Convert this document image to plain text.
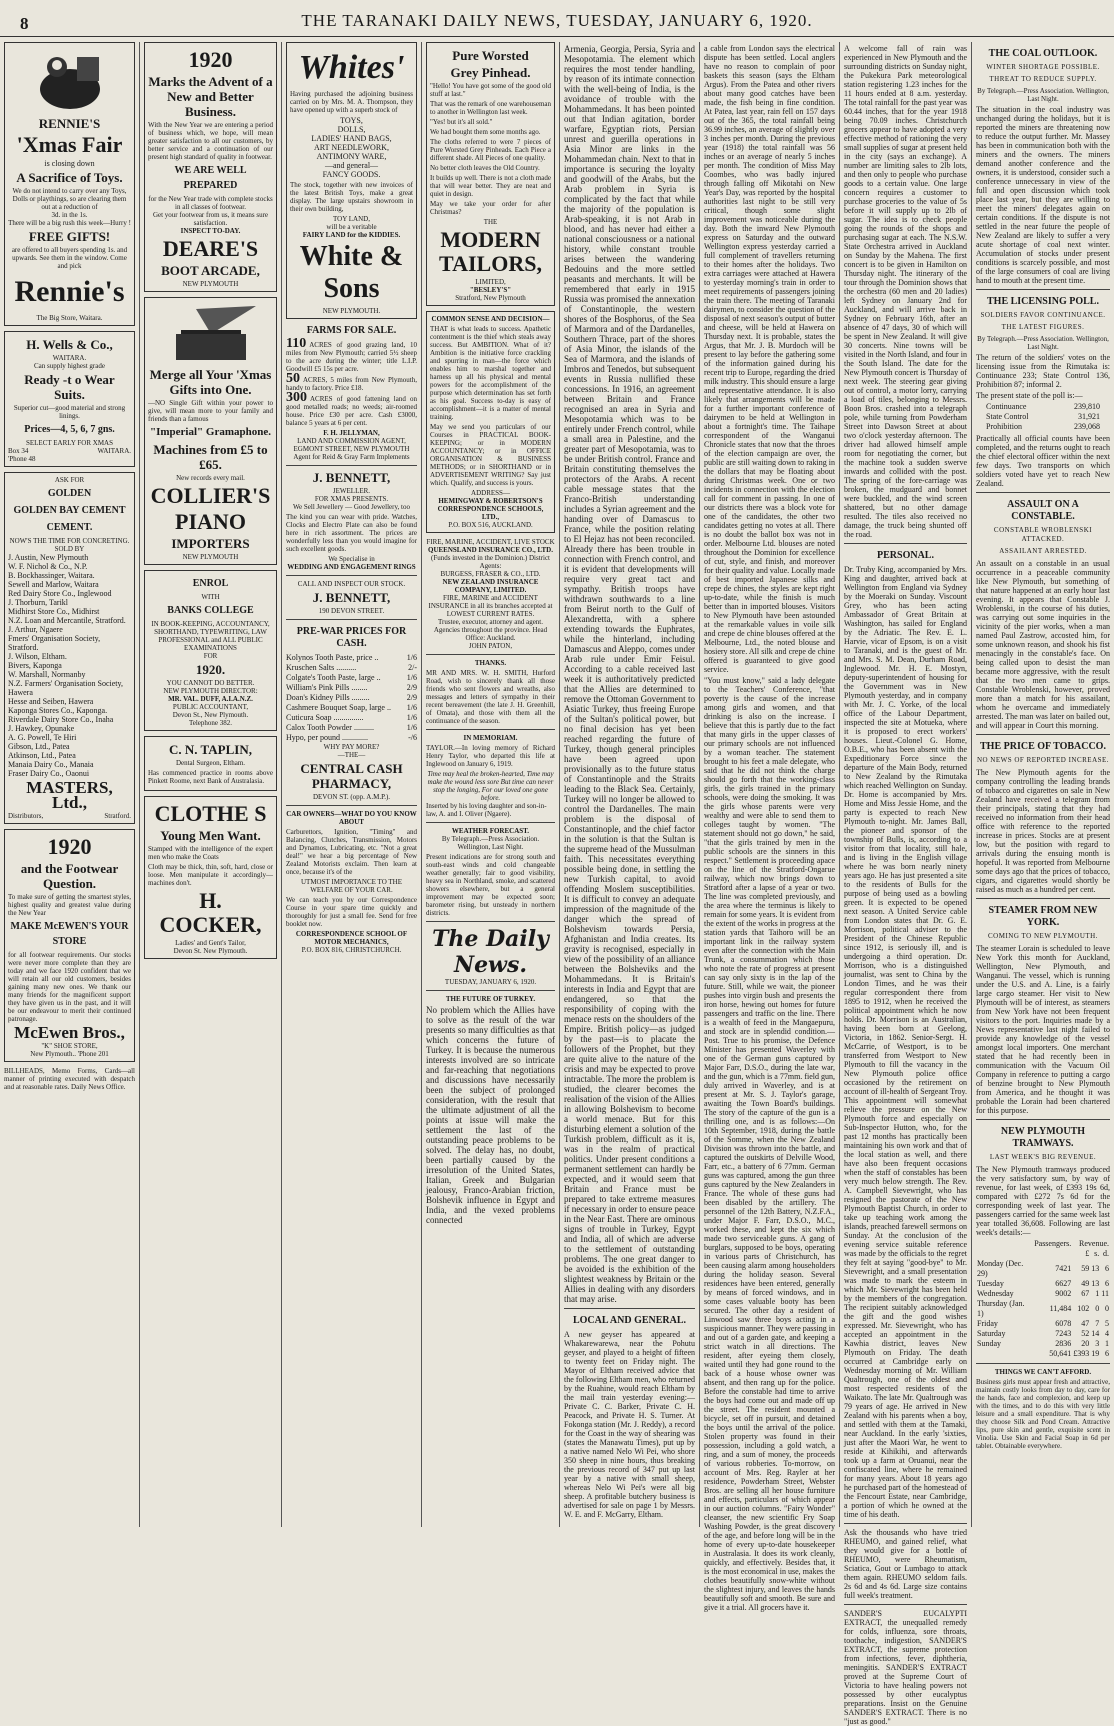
8	THE TARANAKI DAILY NEWS, TUESDAY, JANUARY 6, 1920.
RENNIE'S
'Xmas Fair
is closing down
A Sacrifice of Toys.
We do not intend to carry over any Toys, Dolls or playthings, so are clearing them out at a reduction of
3d. in the 1s.
There will be a big rush this week—Hurry !
FREE GIFTS!
are offered to all buyers spending 1s. and upwards. See them in the window. Come and pick
Rennie's
The Big Store, Waitara.
H. Wells & Co.,
WAITARA.
Can supply highest grade
Ready -t o Wear Suits.
Superior cut—good material and strong linings.
Prices—4, 5, 6, 7 gns.
SELECT EARLY FOR XMAS
Box 34	WAITARA.
'Phone 48
ASK FOR
GOLDEN
GOLDEN BAY CEMENT
CEMENT.
NOW'S THE TIME FOR CONCRETING.
SOLD BY
J. Austin, New Plymouth
W. F. Nichol & Co., N.P.
B. Bockhassinger, Waitara.
Sewell and Marlow, Waitara
Red Dairy Store Co., Inglewood
J. Thorburn, Tarikl
Midhirst Store Co., Midhirst
N.Z. Loan and Mercantile, Stratford.
J. Arthur, Ngaere
Fmers' Organisation Society, Stratford.
J. Wilson, Eltham.
Bivers, Kaponga
W. Marshall, Normanby
N.Z. Farmers' Organisation Society, Hawera
Hesse and Seiben, Hawera
Kaponga Stores Co., Kaponga.
Riverdale Dairy Store Co., Inaha
J. Hawkey, Opunake
A. G. Powell, Te Hiri
Gibson, Ltd., Patea
Atkinson, Ltd., Patea
Manaia Dairy Co., Manaia
Fraser Dairy Co., Oaonui
MASTERS, Ltd.,
Distributors,	Stratford.
1920
and the Footwear Question.
To make sure of getting the smartest styles, highest quality and greatest value during the New Year
MAKE McEWEN'S YOUR STORE
for all footwear requirements. Our stocks were never more complete than they are today and we face 1920 confident that we will retain all our old customers, besides gaining many new ones. We thank our many friends for the magnificent support they have given us in the past, and it will be our endeavour to merit their continued patronage.
McEwen Bros.,
"K" SHOE STORE,
New Plymouth.. 'Phone 201
BILLHEADS, Memo Forms, Cards—all manner of printing executed with despatch and at reasonable rates. Daily News Office.
1920
Marks the Advent of a New and Better Business.
With the New Year we are entering a period of business which, we hope, will mean greater satisfaction to all our customers, by better service and a continuation of our present high standard of quality in footwear.
WE ARE WELL PREPARED
for the New Year trade with complete stocks in all classes of footwear.
Get your footwear from us, it means sure satisfaction.
INSPECT TO-DAY.
DEARE'S
BOOT ARCADE,
NEW PLYMOUTH
Merge all Your 'Xmas Gifts into One.
—NO Single Gift within your power to give, will mean more to your family and friends than a famous
"Imperial" Gramaphone.
Machines from £5 to £65.
New records every mail.
COLLIER'S
PIANO
IMPORTERS
NEW PLYMOUTH
ENROL
WITH
BANKS COLLEGE
IN BOOK-KEEPING, ACCOUNTANCY, SHORTHAND, TYPEWRITING, LAW PROFESSIONAL and ALL PUBLIC EXAMINATIONS
FOR
1920.
YOU CANNOT DO BETTER.
NEW PLYMOUTH DIRECTOR:
MR. VAL. DUFF, A.I.A.N.Z.
PUBLIC ACCOUNTANT,
Devon St., New Plymouth.
Telephone 382.
C. N. TAPLIN,
Dental Surgeon, Eltham.
Has commenced practice in rooms above Pinkett Roome, next Bank of Australasia.
CLOTHE S
Young Men Want.
Stamped with the intelligence of the expert men who make the Coats
Cloth may be thick, thin, soft, hard, close or loose. Men manipulate it accordingly—machines don't.
H. COCKER,
Ladies' and Gent's Tailor,
Devon St. New Plymouth.
Whites'
Having purchased the adjoining business carried on by Mrs. M. A. Thompson, they have opened up with a superb stock of
TOYS,
DOLLS,
LADIES' HAND BAGS,
ART NEEDLEWORK,
ANTIMONY WARE,
—and general—
FANCY GOODS.
The stock, together with new invoices of the latest British Toys, make a great display. The large upstairs showroom in their own building,
TOY LAND,
will be a veritable
FAIRY LAND for the KIDDIES.
White & Sons
NEW PLYMOUTH.
FARMS FOR SALE.
110 ACRES of good grazing land, 10 miles from New Plymouth; carried 5½ sheep to the acre during the winter; title L.I.P. Goodwill £5 15s per acre.
50 ACRES, 5 miles from New Plymouth, handy to factory. Price £18.
300 ACRES of good fattening land on good metalled roads; no weeds; air-roomed house. Price £30 per acre. Cash £3000, balance 5 years at 6 per cent.
F. H. JELLYMAN,
LAND AND COMMISSION AGENT, EGMONT STREET, NEW PLYMOUTH
Agent for Reid & Gray Farm Implements
J. BENNETT,
JEWELLER.
FOR XMAS PRESENTS.
We Sell Jewellery — Good Jewellery, too
The kind you can wear with pride. Watches, Clocks and Electro Plate can also be found here in rich assortment. The prices are wonderfully less than you would imagine for such excellent goods.
We Specialise in
WEDDING AND ENGAGEMENT RINGS
CALL AND INSPECT OUR STOCK.
J. BENNETT,
190 DEVON STREET.
PRE-WAR PRICES FOR CASH.
Kolynos Tooth Paste, price ..	1/6
Kruschen Salts ..........	2/-
Colgate's Tooth Paste, large ..	1/6
William's Pink Pills ........	2/9
Doan's Kidney Pills .........	2/9
Cashmere Bouquet Soap, large .. 1/6
Cuticura Soap ...............	1/6
Calox Tooth Powder ..........	1/6
Hypo, per pound .............	-/6
WHY PAY MORE?
—THE—
CENTRAL CASH PHARMACY,
DEVON ST. (opp. A.M.P.).
CAR OWNERS—WHAT DO YOU KNOW ABOUT
Carburettors, Ignition, "Timing" and Balancing, Clutches, Transmission, Motors and Dynamos, Lubricating, etc. "Not a great deal!" we hear a big percentage of New Zealand Motorists exclaim. Then learn at once, because it's of the
UTMOST IMPORTANCE TO THE WELFARE OF YOUR CAR.
We can teach you by our Correspondence Course in your spare time quickly and thoroughly for just a small fee. Send for free booklet now.
CORRESPONDENCE SCHOOL OF MOTOR MECHANICS,
P.O. BOX 816, CHRISTCHURCH.
Pure Worsted
Grey Pinhead.
"Hello! You have got some of the good old stuff at last."
That was the remark of one warehouseman to another in Wellington last week.
"Yes! but it's all sold."
We had bought them some months ago.
The cloths referred to were 7 pieces of Pure Worsted Grey Pinheads. Each Piece a different shade. All Pieces of one quality.
No better cloth leaves the Old Country.
It builds up well. There is not a cloth made that will wear better. They are neat and quiet in design.
May we take your order for after Christmas?
THE
MODERN TAILORS,
LIMITED,
"BESLEY'S"
Stratford, New Plymouth
COMMON SENSE AND DECISION—
THAT is what leads to success. Apathetic contentment is the thief which steals away success. But AMBITION. What of it? Ambition is the initiative force crackling and spurring in man—the force which enables him to marshal together and harness up all his physical and mental powers for the accomplishment of the purpose which determination has set forth as his goal. Success to-day is easy of accomplishment—it is a matter of mental training.
May we send you particulars of our Courses in PRACTICAL BOOK-KEEPING; or in MODERN ACCOUNTANCY; or in OFFICE ORGANISATION & BUSINESS METHODS; or in SHORTHAND or in ADVERTISEMENT WRITING? Say just which. Qualify, and success is yours.
ADDRESS—
HEMINGWAY & ROBERTSON'S CORRESPONDENCE SCHOOLS, LTD.,
P.O. BOX 516, AUCKLAND.
FIRE, MARINE, ACCIDENT, LIVE STOCK
QUEENSLAND INSURANCE CO., LTD.
(Funds invested in the Dominion.) District Agents:
BURGESS, FRASER & CO., LTD.
NEW ZEALAND INSURANCE COMPANY, LIMITED.
FIRE, MARINE and ACCIDENT INSURANCE in all its branches accepted at LOWEST CURRENT RATES.
Trustee, executor, attorney and agent. Agencies throughout the province. Head Office: Auckland.
JOHN PATON,
THANKS.
MR AND MRS. W. H. SMITH, Hurford Road, wish to sincerely thank all those friends who sent flowers and wreaths, also messages and letters of sympathy in their recent bereavement (the late J. H. Greenhill, of Omata), and those with them all the continuance of the season.
IN MEMORIAM.
TAYLOR.—In loving memory of Richard Henry Taylor, who departed this life at Inglewood on January 6, 1919.
Time may heal the broken-hearted, Time may make the wound less sore But time can never stop the longing, For our loved one gone before.
Inserted by his loving daughter and son-in-law, A. and I. Oliver (Ngaere).
WEATHER FORECAST.
By Telegraph.—Press Association. Wellington, Last Night.
Present indications are for strong south and south-east winds and cold changeable weather generally; fair to good visibility, heavy sea in Northland, smoke, and scattered showers elsewhere, but a general improvement may be expected soon; barometer rising, but unsteady in northern districts.
The Daily News.
TUESDAY, JANUARY 6, 1920.
THE FUTURE OF TURKEY.
No problem which the Allies have to solve as the result of the war presents so many difficulties as that which concerns the future of Turkey. It is because the numerous interests involved are so intricate and far-reaching that negotiations and discussions have necessarily been the subject of prolonged consideration, with the result that the ultimate adjustment of all the points at issue will make the settlement the last of the outstanding peace problems to be solved. The delay has, no doubt, been partially caused by the irresolution of the United States, Italian, Greek and Bulgarian jealousy, Franco-Arabian friction, Bolshevik influence in Egypt and India, and the vexed problems connected
Armenia, Georgia, Persia, Syria and Mesopotamia. The element which requires the most tender handling, by reason of its intimate connection with the well-being of India, is the avoidance of trouble with the Mohammedans. It has been pointed out that Indian agitation, border warfare, Egyptian riots, Persian unrest and guerilla operations in Asia Minor are links in the Mohammedan chain. Next to that in importance is securing the loyalty and goodwill of the Arabs, but the Arab problem in Syria is complicated by the fact that while the majority of the population is Arab-speaking, it is not Arab in blood, and has never had either a national consciousness or a national history, while constant trouble arises between the wandering Bedouins and the more settled peasants and merchants. It will be remembered that early in 1915 Russia was promised the annexation of Constantinople, the western shores of the Bosphorus, of the Sea of Marmora and of the Dardanelles, Southern Thrace, part of the shores of Asia Minor, the islands of the Sea of Marmora, and the islands of Imbros and Tenedos, but subsequent events in Russia nullified these concessions. In 1916, an agreement between Britain and France recognised an area in Syria and Mesopotamia which was to be entirely under French control, while a small area in Palestine, and the greater part of Mesopotamia, was to be under British control. France and Britain constituting themselves the protectors of the Arabs. A recent cable message states that the Franco-British understanding includes a Syrian agreement and the handing over of Damascus to France, while the position relating to El Hejaz has not been reconciled. Already there has been trouble in connection with French control, and it is evident that developments will require very great tact and sympathy. British troops have withdrawn southwards to a line from Beirut north to the Gulf of Alexandretta, with a sphere extending towards the Euphrates, while the hinterland, including Damascus and Aleppo, comes under Arab rule under Emir Feisul. According to a cable received last week it is authoritatively predicted that the Allies are determined to remove the Ottoman Government to Asiatic Turkey, thus freeing Europe of the Sultan's political power, but no final decision has yet been reached regarding the future of Turkey, though general principles have been agreed upon provisionally as to the future status of Constantinople and the Straits leading to the Black Sea. Certainly, Turkey will no longer be allowed to control the Dardanelles. The main problem is the disposal of Constantinople, and the chief factor in the solution is that the Sultan is the supreme head of the Mussulman faith. This necessitates everything possible being done, in settling the new Turkish capital, to avoid offending Moslem susceptibilities. It is difficult to convey an adequate impression of the magnitude of the danger which the spread of Bolshevism towards Persia, Afghanistan and India creates. Its gravity is recognised, especially in view of the possibility of an alliance between the Bolsheviks and the Mohammedans. It is Britain's interests in India and Egypt that are endangered, so that the responsibility of coping with the menace rests on the shoulders of the Empire. British policy—as judged by the past—is to placate the followers of the Prophet, but they are quite alive to the nature of the crisis and may be expected to prove intractable. The more the problem is studied, the clearer becomes the realisation of the vision of the Allies in allowing Bolshevism to become a world menace. But for this disturbing element a solution of the Turkish problem, difficult as it is, was in the realm of practical politics. Under present conditions a permanent settlement can hardly be expected, and it would seem that Britain and France must be prepared to take extreme measures if necessary in order to ensure peace in the Near East. There are ominous signs of trouble in Turkey, Egypt and India, all of which are adverse to the settlement of outstanding problems. The one great danger to be avoided is the exhibition of the slightest weakness by Britain or the Allies in dealing with any disorders that may arise.
LOCAL AND GENERAL.
A new geyser has appeared at Whakarewarewa, near the Pohutu geyser, and played to a height of fifteen to twenty feet on Friday night. The Mayor of Eltham received advice that the following Eltham men, who returned by the Ruahine, would reach Eltham by the mail train yesterday evening:—Private C. C. Barker, Private C. H. Peacock, and Private H. S. Turner. At Fokonga station (Mr. J. Reddy), a record for the Coast in the way of shearing was (states the Manawatu Times), put up by a native named Nelo Wi Pei, who shore 350 sheep in nine hours, thus breaking the previous record of 347 put up last year by a native with small sheep, whereas Nelo Wi Pei's were all big sheep. A profitable butchery business is advertised for sale on page 1 by Messrs. W. E. and F. McGarry, Eltham.
a cable from London says the electrical dispute has been settled. Local anglers have no reason to complain of poor baskets this season (says the Eltham Argus). From the Patea and other rivers about many good catches have been made, the fish being in fine condition. At Patea, last year, rain fell on 157 days out of the 365, the total rainfall being 36.99 inches, an average of slightly over 3 inches per month. During the previous year (1918) the total rainfall was 56 inches or an average of nearly 5 inches per month. The condition of Miss May Coombes, who was badly injured through falling off Mikotahi on New Year's Day, was reported by the hospital authorities last night to be still very critical, though some slight improvement was noticeable during the day. Both the inward New Plymouth express on Saturday and the outward Wellington express yesterday carried a full complement of travellers returning to their homes after the holidays. Two extra carriages were attached at Hawera to yesterday morning's train in order to meet requirements of passengers joining the train there. The meeting of Taranaki dairymen, to consider the question of the disposal of next season's output of butter and cheese, will be held at Hawera on Thursday next. It is probable, states the Argus, that Mr. J. B. Murdoch will be present to lay before the gathering some of the information gained during his recent trip to Europe, regarding the dried milk industry. This should ensure a large and representative attendance. It is also likely that arrangements will be made for a further important conference of dairymen to be held at Wellington in about a fortnight's time. The Taihape correspondent of the Wanganui Chronicle states that now that the throes of the election campaign are over, the public are still waiting down to raking in the dollars that may be floating about during Christmas week. One or two incidents in connection with the election call for comment in passing. In one of our districts there was a block vote for one of the candidates, the other two candidates getting no votes at all. There is no doubt the ballot box was not in order. Melbourne Ltd. blouses are noted throughout the Dominion for excellence of cut, style, and finish, and moreover for their quality and value. Locally made of best imported Japanese silks and crepe de chines, the styles are kept right up-to-date, while the finish is much better than in imported blouses. Visitors to New Plymouth have been astounded at the remarkable values in voile silk and crepe de chine blouses offered at the Melbourne, Ltd., the noted blouse and hosiery store. All silk and crepe de chine offered is guaranteed to give good service.
"You must know," said a lady delegate to the Teachers' Conference, "that poverty is the cause of the increase among girls and women, and that drinking is also on the increase. I believe that this is partly due to the fact that many girls in the upper classes of our primary schools are not influenced by a woman teacher. The statement brought to his feet a male delegate, who said that he did not think the charge should go forth that the working-class girls, the girls trained in the primary schools, were doing the smoking. It was the girls whose parents were very wealthy and were able to send them to colleges taught by women. "The statement should not go down," he said, "that the girls trained by men in the public schools are the sinners in this respect." Settlement is proceeding apace on the line of the Stratford-Ongarue railway, which now brings down to Stratford after a lapse of a year or two. The line was completed previously, and the area where the terminus is likely to remain for some years. It is evident from the extent of the works in progress at the station yards that Taihoro will be an important link in the railway system even after the connection with the Main Trunk, a consummation which those who note the rate of progress at present can say only sixty is in the lap of the future. Still, while we wait, the pioneer pushes into virgin bush and presents the iron horse, hewing out homes for future passengers and traffic on the line. There is a wealth of feed in the Mangaepuru, and stock are in splendid condition.—Post. True to his promise, the Defence Minister has presented Waverley with one of the German guns captured by Major Farr, D.S.O., during the late war, and the gun, which is a 77mm. field gun, duly arrived in Waverley, and is at present at Mr. S. J. Taylor's garage, awaiting the Town Board's buildings. The story of the capture of the gun is a thrilling one, and is as follows:—On 10th September, 1918, during the battle of the Somme, when the New Zealand Division was thrown into the battle, and captured the outskirts of Delville Wood, Farr, etc., a battery of 6 77mm. German guns was captured, among the gun three guns captured by the New Zealanders in France. The whole of these guns had been disabled by the artillery. The personnel of the 12th Battery, N.Z.F.A., under Major F. Farr, D.S.O., M.C., worked these, and kept the six which made two serviceable guns. A gang of burglars, supposed to be boys, operating in various parts of Christchurch, has been causing alarm among householders during the holiday season. Several residences have been entered, generally by means of forced windows, and in some cases valuable booty has been secured. The other day a resident of Linwood saw three boys acting in a suspicious manner. They were passing in and out of a garden gate, and keeping a strict watch in all directions. The resident, after eyeing them closely, waited until they had gone round to the back of a house whose owner was absent, and then rang up for the police. Before the constable had time to arrive the boys had come out and made off up the street. The resident mounted a bicycle, set off in pursuit, and detained the boys until the arrival of the police. Stolen property was found in their possession, including a gold watch, a ring, and a sum of money, the proceeds of various robberies. To-morrow, on account of Mrs. Reg. Rayler at her residence, Powderham Street, Webster Bros. are selling all her house furniture and effects, particulars of which appear in our auction columns. "Fairy Wonder" cleanser, the new scientific Fry Soap Washing Powder, is the great discovery of the age, and before long will be in the home of every up-to-date housekeeper in Australasia. It does its work cleanly, quickly, and effectively. Besides that, it is the most economical in use, makes the clothes beautifully snow-white without the slightest injury, and leaves the hands beautifully soft and smooth. Be sure and give it a trial. All grocers have it.
A welcome fall of rain was experienced in New Plymouth and the surrounding districts on Sunday night, the Pukekura Park meteorological station registering 1.23 inches for the 11 hours ended at 8 a.m. yesterday. The total rainfall for the past year was 60.44 inches, that for the year 1918 being 70.09 inches. Christchurch grocers appear to have adopted a very effective method of rationing the very small supplies of sugar at present held in the city (says an exchange). A number are limiting sales to 2lb lots, and then only to people who purchase goods to a certain value. One large concern requires a customer to purchase groceries to the value of 5s before it will supply up to 2lb of sugar. The idea is to check people going the rounds of the shops and purchasing sugar at each. The N.S.W. State Orchestra arrived in Auckland on Sunday by the Mahena. The first concert is to be given in Hamilton on Thursday night. The itinerary of the tour through the Dominion shows that the orchestra (60 men and 20 ladies) left Sydney on January 2nd for Auckland, and will arrive back in Sydney on February 16th, after an absence of 47 days, 30 of which will be spent in New Zealand. It will give 30 concerts. Nine towns will be visited in the North Island, and four in the South Island. The date for the New Plymouth concert is Thursday of next week. The steering gear giving out of control, a motor lorry, carrying a load of tiles, belonging to Messrs. Boon Bros. crashed into a telegraph pole, while turning from Powderham Street into Dawson Street at about two o'clock yesterday afternoon. The driver had allowed himself ample room for negotiating the corner, but the machine took a sudden swerve inwards and collided with the post. The spring of the fore-carriage was broken, the mudguard and bonnet were buckled, and the wind screen shattered, but no other damage resulted. The tiles also received no damage, the truck being shunted off the road.
PERSONAL.
Dr. Truby King, accompanied by Mrs. King and daughter, arrived back at Wellington from England via Sydney by the Moeraki on Sunday. Viscount Grey, who has been acting Ambassador of Great Britain at Washington, has sailed for England by the Adriatic. The Rev. E. L. Harvie, vicar of Epsom, is on a visit to Taranaki, and is the guest of Mr. and Mrs. S. M. Dean, Durham Road, Inglewood. Mr. H. E. Mostyn, deputy-superintendent of housing for the Government was in New Plymouth yesterday, and in company with Mr. J. C. Yorke, of the local office of the Labour Department, inspected the site at Motueka, where it is proposed to erect workers' houses. Lieut.-Colonel G. Home, O.B.E., who has been absent with the Expeditionary Force since the departure of the Main Body, returned to New Zealand by the Rimutaka which reached Wellington on Sunday. Dr. Home is accompanied by Mrs. Home and Miss Jessie Home, and the party is expected to reach New Plymouth to-night. Mr. James Ball, the pioneer and sponsor of the township of Bulls, is, according to a visitor from that locality, still hale, and is living in the English village where he was born nearly ninety years ago. He has just presented a site to the residents of Bulls for the purpose of being used as a bowling green. It is expected to be opened next season. A United Service cable from London states that Dr. G. E. Morrison, political adviser to the President of the Chinese Republic since 1912, is seriously ill, and is undergoing a third operation. Dr. Morrison, who is a distinguished journalist, was sent to China by the London Times, and he was their regular correspondent there from 1895 to 1912, when he received the political appointment which he now holds. Dr. Morrison is an Australian, having been born at Geelong, Victoria, in 1862. Senior-Sergt. H. McCarrie, of Westport, is to be transferred from Westport to New Plymouth to fill the vacancy in the New Plymouth police office occasioned by the retirement on account of ill-health of Sergeant Troy. This appointment will somewhat relieve the pressure on the New Plymouth force and especially on Sub-Inspector Hutton, who, for the past 12 months has practically been maintaining his own work and that of the local station as well, and there have also been frequent occasions when the staff of constables has been very much below strength. The Rev. A. Campbell Sievewright, who has resigned the pastorate of the New Plymouth Baptist Church, in order to take up teaching work among the islands, preached farewell sermons on Sunday. At the conclusion of the evening service suitable reference was made by the officials to the regret they felt at saying "good-bye" to Mr. Sievewright, and a small presentation was made to mark the esteem in which Mr. Sievewright has been held by the members of the congregation. The recipient suitably acknowledged the gift and the good wishes expressed. Mr. Sievewright, who has accepted an appointment in the Kawhia district, leaves New Plymouth on Friday. The death occurred at Cambridge early on Wednesday morning of Mr. William Qualtrough, one of the oldest and most respected residents of the Waikato. The late Mr. Qualtrough was 79 years of age. He arrived in New Zealand with his parents when a boy, and settled with them at the Tamaki, near Auckland. In the early 'sixties, just after the Maori War, he went to reside at Kihikihi, and afterwards took up a farm at Oruanui, near the confiscated line, where he remained for many years. About 18 years ago he purchased part of the homestead of the Fencourt Estate, near Cambridge, a portion of which he owned at the time of his death.
Ask the thousands who have tried RHEUMO, and gained relief, what they would give for a bottle of RHEUMO, were Rheumatism, Sciatica, Gout or Lumbago to attack them again. RHEUMO seldom fails. 2s 6d and 4s 6d. Large size contains full week's treatment.
SANDER'S EUCALYPTI EXTRACT, the unequalled remedy for colds, influenza, sore throats, toothache, indigestion, SANDER'S EXTRACT, the supreme protection from infections, fever, diphtheria, meningitis. SANDER'S EXTRACT proved at the Supreme Court of Victoria to have healing powers not possessed by other eucalyptus preparations. Insist on the Genuine SANDER'S EXTRACT. There is no "just as good."
THE COAL OUTLOOK.
WINTER SHORTAGE POSSIBLE.
THREAT TO REDUCE SUPPLY.
By Telegraph.—Press Association. Wellington, Last Night.
The situation in the coal industry was unchanged during the holidays, but it is reported the miners are threatening now to reduce the output further. Mr. Massey has been in communication both with the miners and the owners. The miners demand another conference and the owners, it is understood, consider such a conference unnecessary in view of the full and open discussion which took place last year, but they are willing to meet the miners' delegates again on certain conditions. If the dispute is not settled in the near future the people of New Zealand are likely to suffer a very acute shortage of coal next winter. Accumulation of stocks under present conditions is scarcely possible, and most of the large consumers of coal are living hand to mouth at the present time.
THE LICENSING POLL.
SOLDIERS FAVOR CONTINUANCE.
THE LATEST FIGURES.
By Telegraph.—Press Association. Wellington, Last Night.
The return of the soldiers' votes on the licensing issue from the Rimutaka is: Continuance 233; State Control 136, Prohibition 87; informal 2.
The present state of the poll is:—
Continuance	239,810
State Control	31,921
Prohibition	239,068
Practically all official counts have been completed, and the returns ought to reach the chief electoral officer within the next few days. Two transports on which soldiers voted have yet to reach New Zealand.
ASSAULT ON A CONSTABLE.
CONSTABLE WROBLENSKI ATTACKED.
ASSAILANT ARRESTED.
An assault on a constable in an usual occurrence in a peaceable community like New Plymouth, but something of that nature happened at an early hour last evening. It appears that Constable J. Wroblenski, in the course of his duties, was carrying out some inquiries in the vicinity of the pier works, when a man named Paul Zastrow, accosted him, for some unknown reason, and shook his fist menacingly in the constable's face. On being called upon to desist the man became more aggressive, with the result that the two men came to grips. Constable Wroblenski, however, proved more than a match for his assailant, whom he overcame and immediately arrested. The man was later on bailed out, and will appear in Court this morning.
THE PRICE OF TOBACCO.
NO NEWS OF REPORTED INCREASE.
The New Plymouth agents for the company controlling the leading brands of tobacco and cigarettes on sale in New Zealand have received a telegram from their principals, stating that they had received no information from their head office with reference to the reported increase in prices. Stocks are at present low, but the position with regard to arrivals during the ensuing month is hopeful. It was reported from Melbourne some days ago that the prices of tobacco, cigars, and cigarettes would shortly be raised as much as a hundred per cent.
STEAMER FROM NEW YORK.
COMING TO NEW PLYMOUTH.
The steamer Lorain is scheduled to leave New York this month for Auckland, Wellington, New Plymouth, and Wanganui. The vessel, which is running under the U.S. and A. Line, is a fairly large cargo steamer. Her visit to New Plymouth will be of interest, as steamers from New York have not been frequent visitors to the port. Inquiries made by a News representative last night failed to provide any knowledge of the vessel amongst local importers. One merchant stated that he had recently been in communication with the Vacuum Oil Company in reference to putting a cargo of benzine brought to New Plymouth from America, and he thought it was probable the Lorain had been chartered for this purpose.
NEW PLYMOUTH TRAMWAYS.
LAST WEEK'S BIG REVENUE.
The New Plymouth tramways produced the very satisfactory sum, by way of revenue, for last week, of £393 19s 6d, compared with £272 7s 6d for the corresponding week of last year. The passengers carried for the same week last year totalled 36,608. Following are last week's details:—
	Passengers.	Revenue.		
		£	s.	d.
Monday (Dec. 29)	7421	59	13	6
Tuesday	6627	49	13	6
Wednesday	9002	67	1	11
Thursday (Jan. 1)	11,484	102	0	0
Friday	6078	47	7	5
Saturday	7243	52	14	4
Sunday	2836	20	3	1
	50,641	£393	19	6
THINGS WE CAN'T AFFORD.
Business girls must appear fresh and attractive, maintain costly looks from day to day, care for the hands, face and complexion, and keep up with the times, and to do this with very little leisure and a small expenditure. That is why they choose Silk and Pond Cream. Attractive lips, pure skin and gentle, exquisite scent in Vinolia. Use Skin and Facial Soap in 6d per tablet. Obtainable everywhere.
